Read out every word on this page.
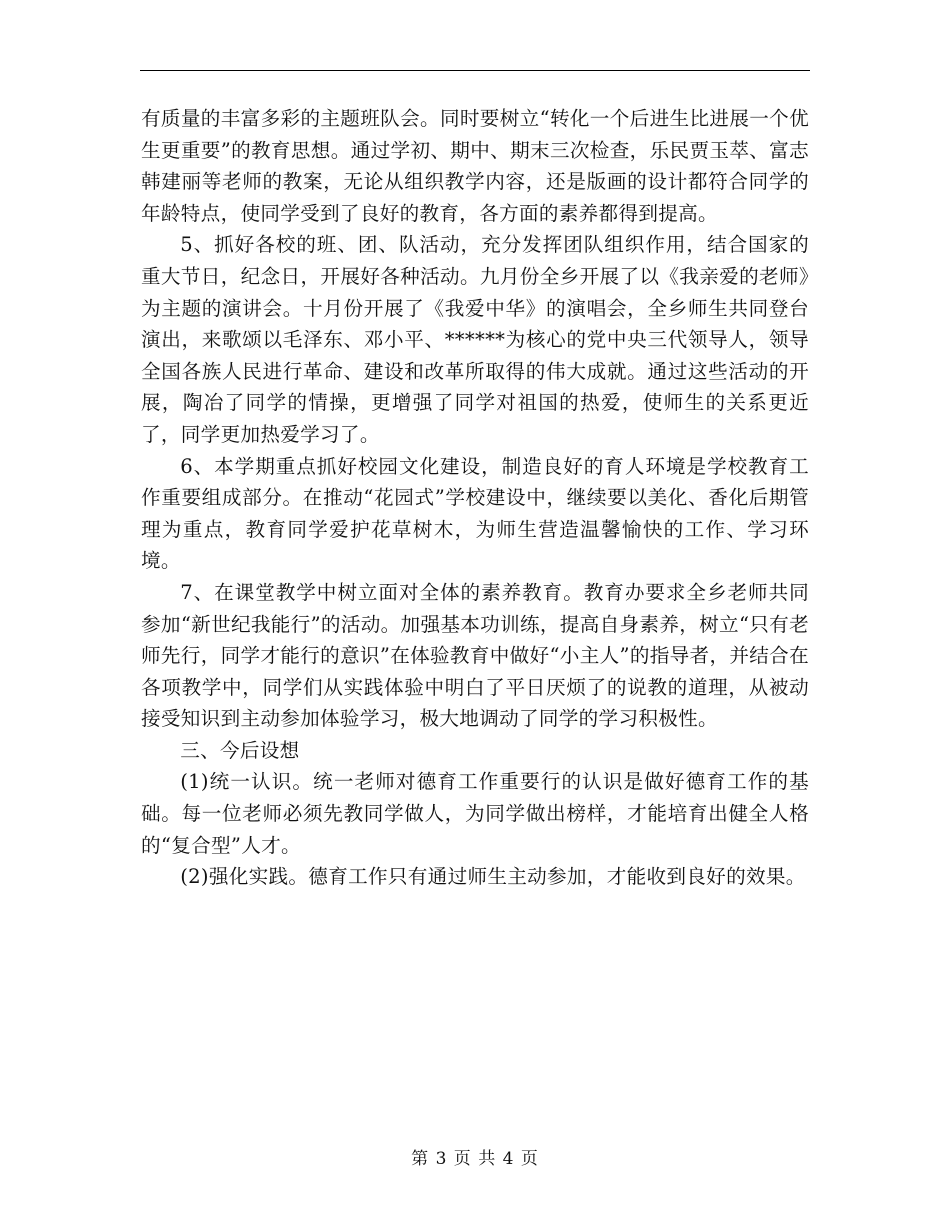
有质量的丰富多彩的主题班队会。同时要树立“转化一个后进生比进展一个优生更重要”的教育思想。通过学初、期中、期末三次检查，乐民贾玉萃、富志韩建丽等老师的教案，无论从组织教学内容，还是版画的设计都符合同学的年龄特点，使同学受到了良好的教育，各方面的素养都得到提高。

5、抓好各校的班、团、队活动，充分发挥团队组织作用，结合国家的重大节日，纪念日，开展好各种活动。九月份全乡开展了以《我亲爱的老师》为主题的演讲会。十月份开展了《我爱中华》的演唱会，全乡师生共同登台演出，来歌颂以毛泽东、邓小平、******为核心的党中央三代领导人，领导全国各族人民进行革命、建设和改革所取得的伟大成就。通过这些活动的开展，陶冶了同学的情操，更增强了同学对祖国的热爱，使师生的关系更近了，同学更加热爱学习了。

6、本学期重点抓好校园文化建设，制造良好的育人环境是学校教育工作重要组成部分。在推动“花园式”学校建设中，继续要以美化、香化后期管理为重点，教育同学爱护花草树木，为师生营造温馨愉快的工作、学习环境。

7、在课堂教学中树立面对全体的素养教育。教育办要求全乡老师共同参加“新世纪我能行”的活动。加强基本功训练，提高自身素养，树立“只有老师先行，同学才能行的意识”在体验教育中做好“小主人”的指导者，并结合在各项教学中，同学们从实践体验中明白了平日厌烦了的说教的道理，从被动接受知识到主动参加体验学习，极大地调动了同学的学习积极性。

三、今后设想

(1)统一认识。统一老师对德育工作重要行的认识是做好德育工作的基础。每一位老师必须先教同学做人，为同学做出榜样，才能培育出健全人格的“复合型”人才。

(2)强化实践。德育工作只有通过师生主动参加，才能收到良好的效果。

第 3 页 共 4 页
